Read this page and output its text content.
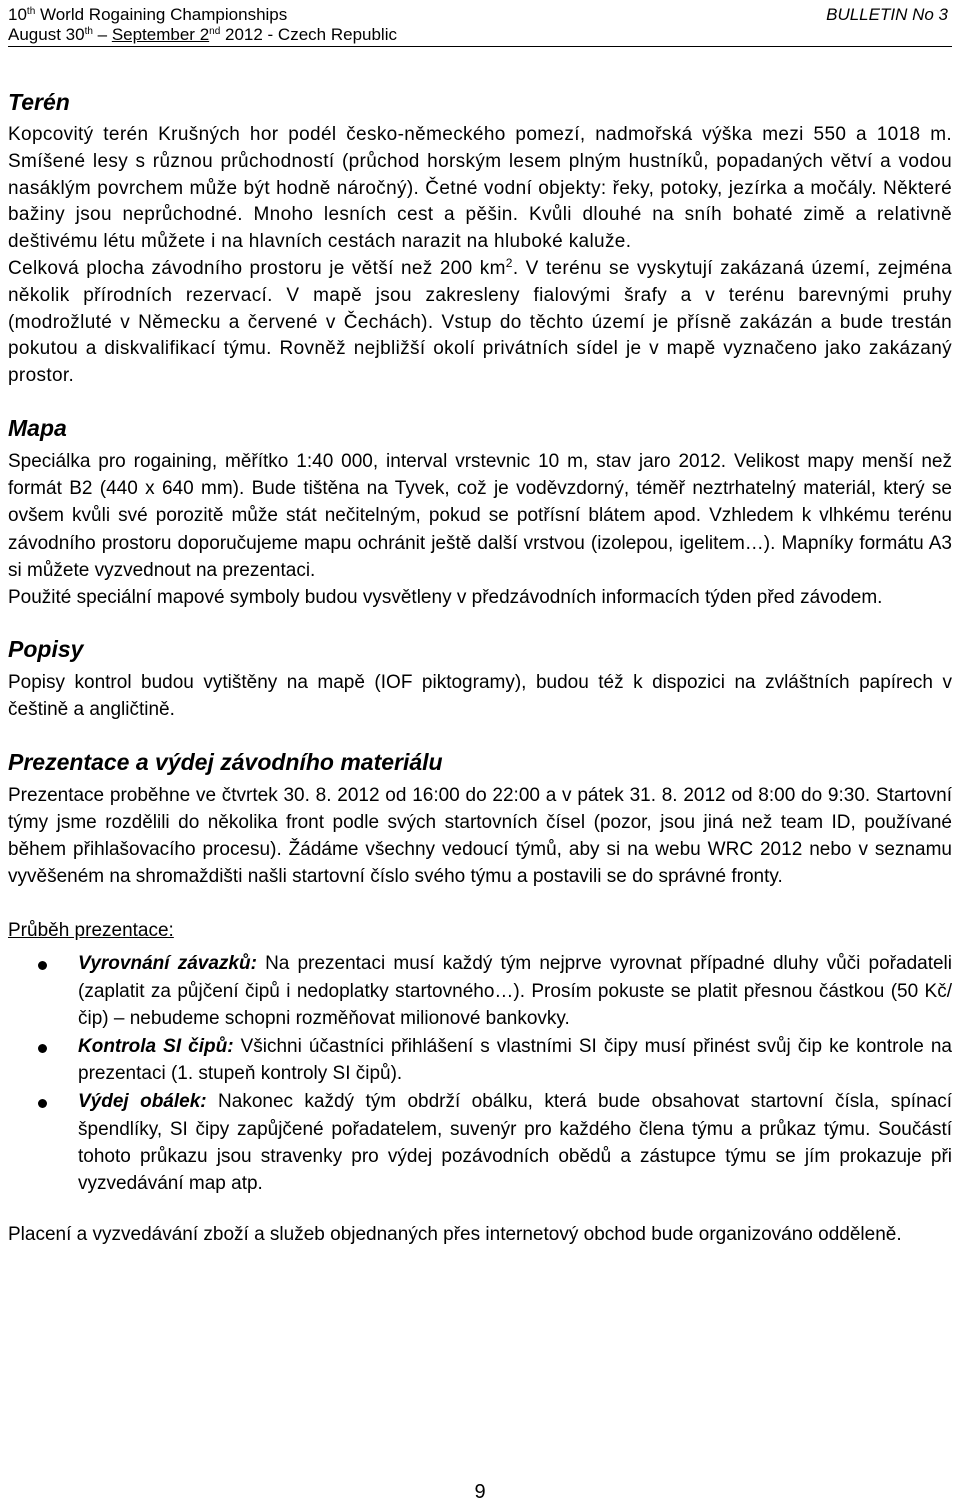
10th World Rogaining Championships
August 30th – September 2nd 2012 - Czech Republic
BULLETIN No 3
Terén

Kopcovitý terén Krušných hor podél česko-německého pomezí, nadmořská výška mezi 550 a 1018 m. Smíšené lesy s různou průchodností (průchod horským lesem plným hustníků, popadaných větví a vodou nasáklým povrchem může být hodně náročný). Četné vodní objekty: řeky, potoky, jezírka a močály. Některé bažiny jsou neprůchodné. Mnoho lesních cest a pěšin. Kvůli dlouhé na sníh bohaté zimě a relativně deštivému létu můžete i na hlavních cestách narazit na hluboké kaluže.

Celková plocha závodního prostoru je větší než 200 $km^2$. V terénu se vyskytují zakázaná území, zejména několik přírodních rezervací. V mapě jsou zakresleny fialovými šrafy a v terénu barevnými pruhy (modrožluté v Německu a červené v Čechách). Vstup do těchto území je přísně zakázán a bude trestán pokutou a diskvalifikací týmu. Rovněž nejbližší okolí privátních sídel je v mapě vyznačeno jako zakázaný prostor.

Mapa

Speciálka pro rogaining, měřítko 1:40 000, interval vrstevnic 10 m, stav jaro 2012. Velikost mapy menší než formát B2 (440 x 640 mm). Bude tištěna na Tyvek, což je voděvzdorný, téměř neztrhatelný materiál, který se ovšem kvůli své porozitě může stát nečitelným, pokud se potřísní blátem apod. Vzhledem k vlhkému terénu závodního prostoru doporučujeme mapu ochránit ještě další vrstvou (izolepou, igelitem…). Mapníky formátu A3 si můžete vyzvednout na prezentaci.

Použité speciální mapové symboly budou vysvětleny v předzávodních informacích týden před závodem.

Popisy

Popisy kontrol budou vytištěny na mapě (IOF piktogramy), budou též k dispozici na zvláštních papírech v češtině a angličtině.

Prezentace a výdej závodního materiálu

Prezentace proběhne ve čtvrtek 30. 8. 2012 od 16:00 do 22:00 a v pátek 31. 8. 2012 od 8:00 do 9:30. Startovní týmy jsme rozdělili do několika front podle svých startovních čísel (pozor, jsou jiná než team ID, používané během přihlašovacího procesu). Žádáme všechny vedoucí týmů, aby si na webu WRC 2012 nebo v seznamu vyvěšeném na shromaždišti našli startovní číslo svého týmu a postavili se do správné fronty.

Průběh prezentace:
Vyrovnání závazků: Na prezentaci musí každý tým nejprve vyrovnat případné dluhy vůči pořadateli (zaplatit za půjčení čipů i nedoplatky startovného…). Prosím pokuste se platit přesnou částkou (50 Kč/čip) – nebudeme schopni rozměňovat milionové bankovky.
Kontrola SI čipů: Všichni účastníci přihlášení s vlastními SI čipy musí přinést svůj čip ke kontrole na prezentaci (1. stupeň kontroly SI čipů).
Výdej obálek: Nakonec každý tým obdrží obálku, která bude obsahovat startovní čísla, spínací špendlíky, SI čipy zapůjčené pořadatelem, suvenýr pro každého člena týmu a průkaz týmu. Součástí tohoto průkazu jsou stravenky pro výdej pozávodních obědů a zástupce týmu se jím prokazuje při vyzvedávání map atp.

Placení a vyzvedávání zboží a služeb objednaných přes internetový obchod bude organizováno odděleně.

9
